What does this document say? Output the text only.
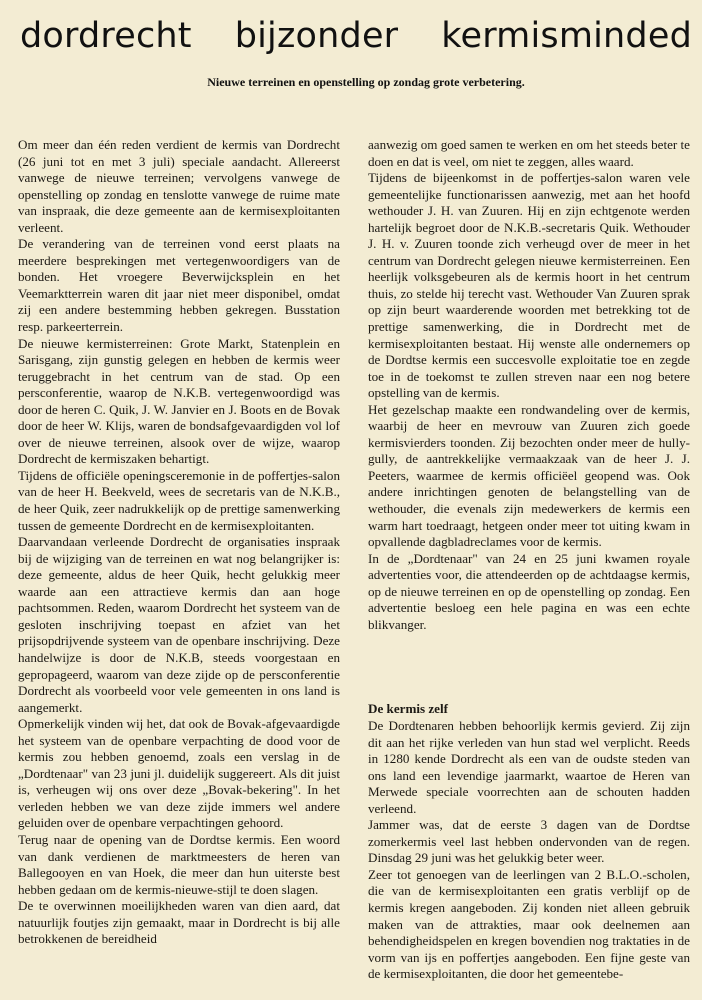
dordrecht bijzonder kermisminded
Nieuwe terreinen en openstelling op zondag grote verbetering.

Om meer dan één reden verdient de kermis van Dordrecht (26 juni tot en met 3 juli) speciale aandacht. Allereerst vanwege de nieuwe terreinen; vervolgens vanwege de openstelling op zondag en tenslotte vanwege de ruime mate van inspraak, die deze gemeente aan de kermisexploitanten verleent.

De verandering van de terreinen vond eerst plaats na meerdere besprekingen met vertegenwoordigers van de bonden. Het vroegere Beverwijcksplein en het Veemarktterrein waren dit jaar niet meer disponibel, omdat zij een andere bestemming hebben gekregen. Busstation resp. parkeerterrein.

De nieuwe kermisterreinen: Grote Markt, Statenplein en Sarisgang, zijn gunstig gelegen en hebben de kermis weer teruggebracht in het centrum van de stad. Op een persconferentie, waarop de N.K.B. vertegenwoordigd was door de heren C. Quik, J. W. Janvier en J. Boots en de Bovak door de heer W. Klijs, waren de bondsafgevaardigden vol lof over de nieuwe terreinen, alsook over de wijze, waarop Dordrecht de kermiszaken behartigt.

Tijdens de officiële openingsceremonie in de poffertjes-salon van de heer H. Beekveld, wees de secretaris van de N.K.B., de heer Quik, zeer nadrukkelijk op de prettige samenwerking tussen de gemeente Dordrecht en de kermisexploitanten.

Daarvandaan verleende Dordrecht de organisaties inspraak bij de wijziging van de terreinen en wat nog belangrijker is: deze gemeente, aldus de heer Quik, hecht gelukkig meer waarde aan een attractieve kermis dan aan hoge pachtsommen. Reden, waarom Dordrecht het systeem van de gesloten inschrijving toepast en afziet van het prijsopdrijvende systeem van de openbare inschrijving. Deze handelwijze is door de N.K.B, steeds voorgestaan en gepropageerd, waarom van deze zijde op de persconferentie Dordrecht als voorbeeld voor vele gemeenten in ons land is aangemerkt.

Opmerkelijk vinden wij het, dat ook de Bovak-afgevaardigde het systeem van de openbare verpachting de dood voor de kermis zou hebben genoemd, zoals een verslag in de „Dordtenaar" van 23 juni jl. duidelijk suggereert. Als dit juist is, verheugen wij ons over deze „Bovak-bekering". In het verleden hebben we van deze zijde immers wel andere geluiden over de openbare verpachtingen gehoord.

Terug naar de opening van de Dordtse kermis. Een woord van dank verdienen de marktmeesters de heren van Ballegooyen en van Hoek, die meer dan hun uiterste best hebben gedaan om de kermis-nieuwe-stijl te doen slagen.

De te overwinnen moeilijkheden waren van dien aard, dat natuurlijk foutjes zijn gemaakt, maar in Dordrecht is bij alle betrokkenen de bereidheid

aanwezig om goed samen te werken en om het steeds beter te doen en dat is veel, om niet te zeggen, alles waard.

Tijdens de bijeenkomst in de poffertjes-salon waren vele gemeentelijke functionarissen aanwezig, met aan het hoofd wethouder J. H. van Zuuren. Hij en zijn echtgenote werden hartelijk begroet door de N.K.B.-secretaris Quik. Wethouder J. H. v. Zuuren toonde zich verheugd over de meer in het centrum van Dordrecht gelegen nieuwe kermisterreinen. Een heerlijk volksgebeuren als de kermis hoort in het centrum thuis, zo stelde hij terecht vast. Wethouder Van Zuuren sprak op zijn beurt waarderende woorden met betrekking tot de prettige samenwerking, die in Dordrecht met de kermisexploitanten bestaat. Hij wenste alle ondernemers op de Dordtse kermis een succesvolle exploitatie toe en zegde toe in de toekomst te zullen streven naar een nog betere opstelling van de kermis.

Het gezelschap maakte een rondwandeling over de kermis, waarbij de heer en mevrouw van Zuuren zich goede kermisvierders toonden. Zij bezochten onder meer de hully-gully, de aantrekkelijke vermaakzaak van de heer J. J. Peeters, waarmee de kermis officiëel geopend was. Ook andere inrichtingen genoten de belangstelling van de wethouder, die evenals zijn medewerkers de kermis een warm hart toedraagt, hetgeen onder meer tot uiting kwam in opvallende dagbladreclames voor de kermis.

In de „Dordtenaar" van 24 en 25 juni kwamen royale advertenties voor, die attendeerden op de achtdaagse kermis, op de nieuwe terreinen en op de openstelling op zondag. Een advertentie besloeg een hele pagina en was een echte blikvanger.

De kermis zelf

De Dordtenaren hebben behoorlijk kermis gevierd. Zij zijn dit aan het rijke verleden van hun stad wel verplicht. Reeds in 1280 kende Dordrecht als een van de oudste steden van ons land een levendige jaarmarkt, waartoe de Heren van Merwede speciale voorrechten aan de schouten hadden verleend.

Jammer was, dat de eerste 3 dagen van de Dordtse zomerkermis veel last hebben ondervonden van de regen. Dinsdag 29 juni was het gelukkig beter weer.

Zeer tot genoegen van de leerlingen van 2 B.L.O.-scholen, die van de kermisexploitanten een gratis verblijf op de kermis kregen aangeboden. Zij konden niet alleen gebruik maken van de attrakties, maar ook deelnemen aan behendigheidspelen en kregen bovendien nog traktaties in de vorm van ijs en poffertjes aangeboden. Een fijne geste van de kermisexploitanten, die door het gemeentebe-
